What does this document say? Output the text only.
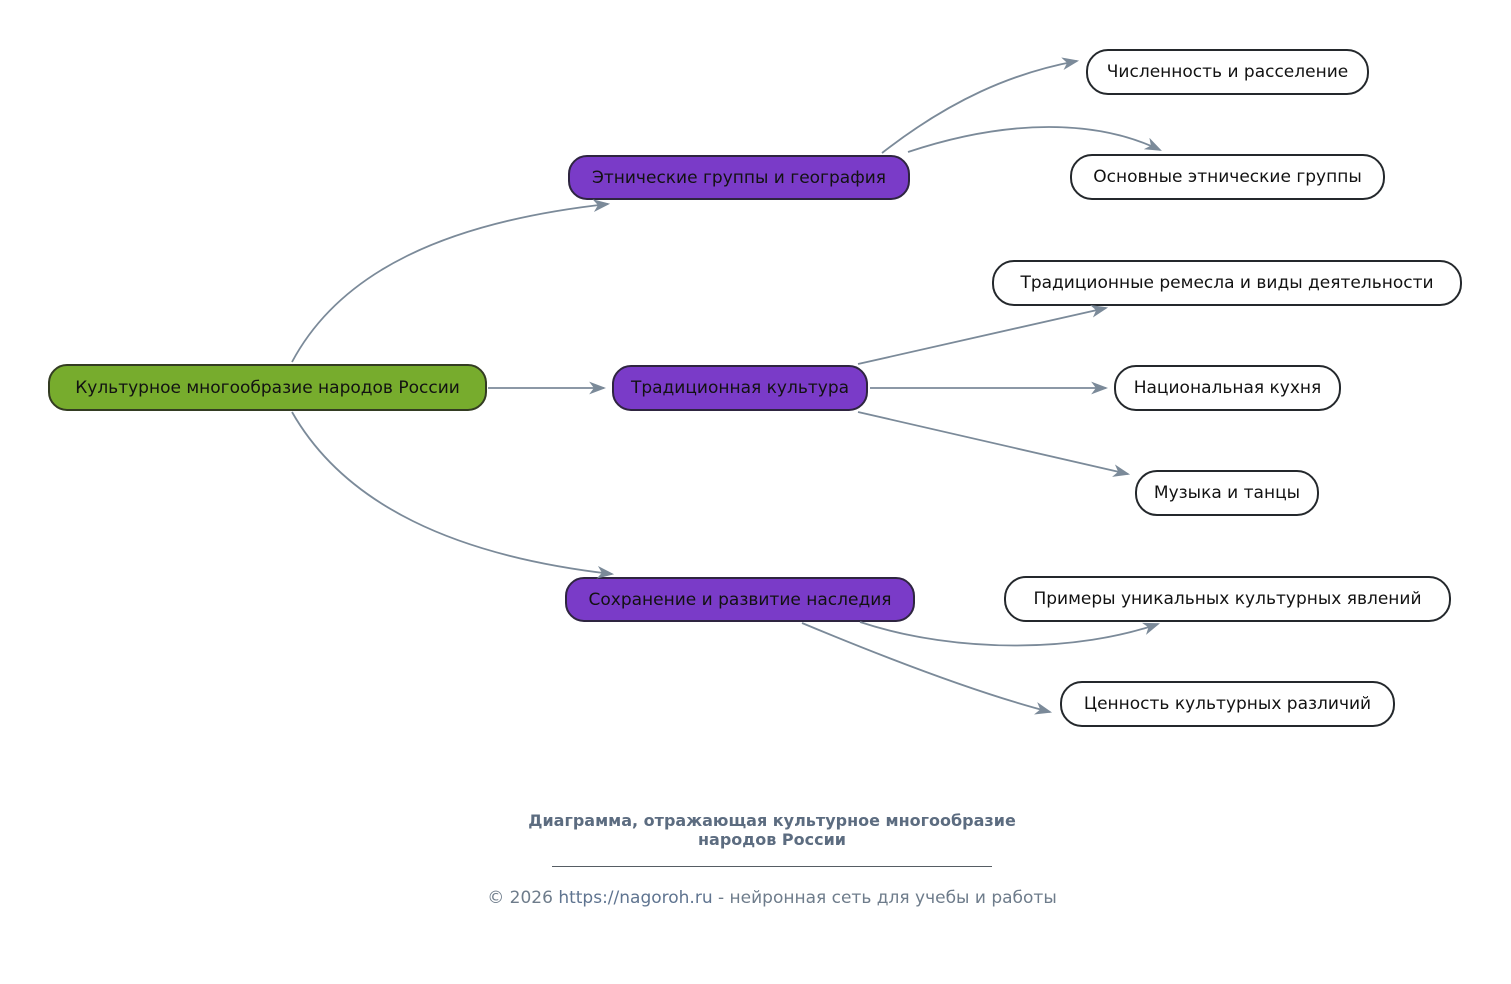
Культурное многообразие народов России
Этнические группы и география
Традиционная культура
Сохранение и развитие наследия
Численность и расселение
Основные этнические группы
Традиционные ремесла и виды деятельности
Национальная кухня
Музыка и танцы
Примеры уникальных культурных явлений
Ценность культурных различий
Диаграмма, отражающая культурное многообразие
народов России
© 2026 https://nagoroh.ru - нейронная сеть для учебы и работы
